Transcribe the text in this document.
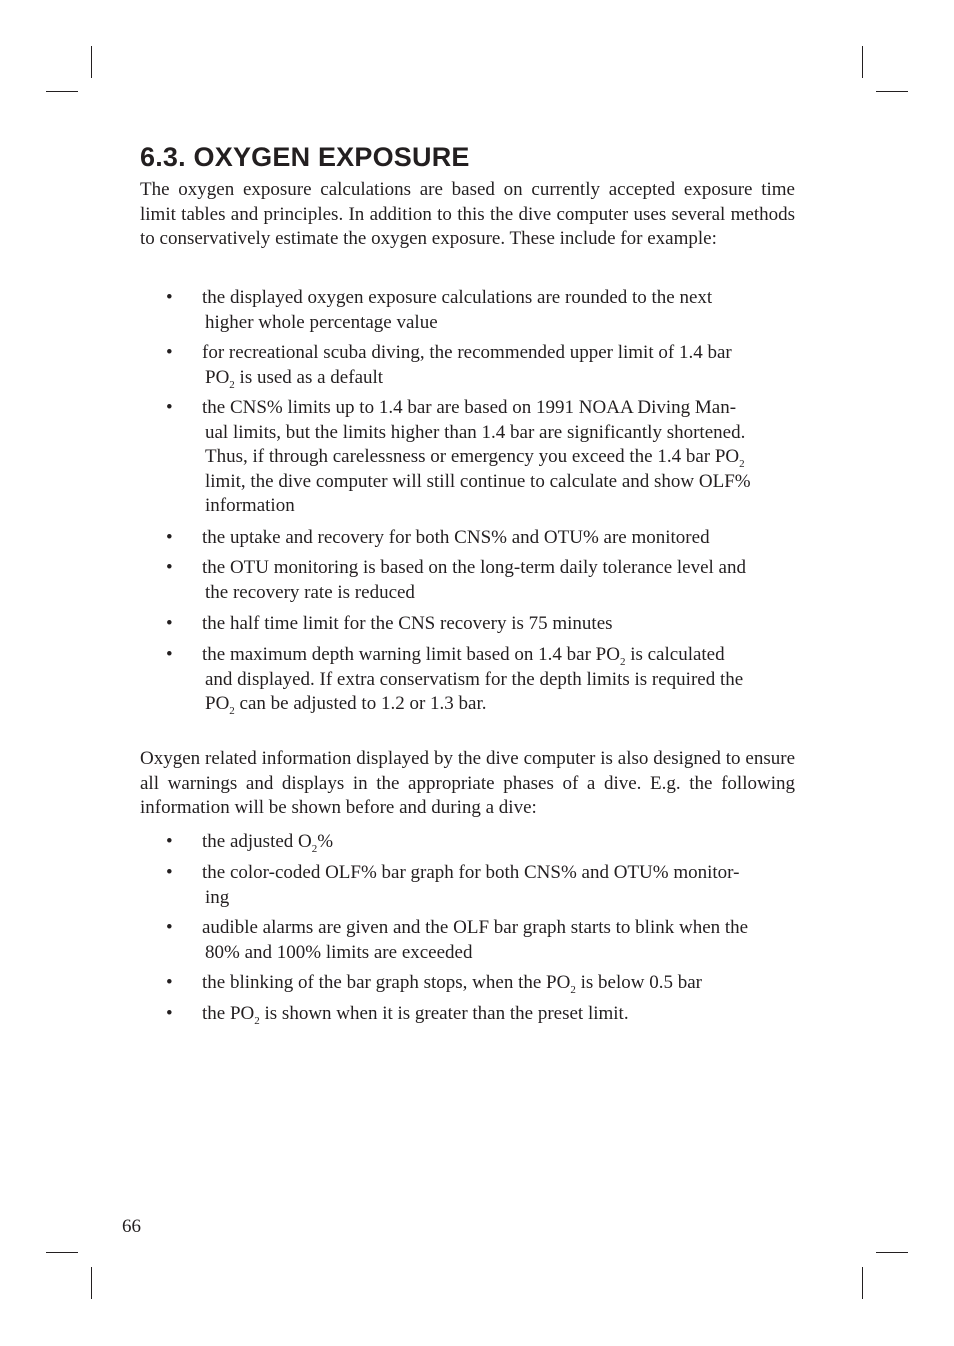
6.3. OXYGEN EXPOSURE

The oxygen exposure calculations are based on currently accepted exposure time limit tables and principles. In addition to this the dive computer uses several methods to conservatively estimate the oxygen exposure. These include for example:

• the displayed oxygen exposure calculations are rounded to the next
higher whole percentage value
• for recreational scuba diving, the recommended upper limit of 1.4 bar
$PO_2$ is used as a default
• the CNS% limits up to 1.4 bar are based on 1991 NOAA Diving Man-
ual limits, but the limits higher than 1.4 bar are significantly shortened.
Thus, if through carelessness or emergency you exceed the 1.4 bar $PO_2$
limit, the dive computer will still continue to calculate and show OLF%
information
• the uptake and recovery for both CNS% and OTU% are monitored
• the OTU monitoring is based on the long-term daily tolerance level and
the recovery rate is reduced
• the half time limit for the CNS recovery is 75 minutes
• the maximum depth warning limit based on 1.4 bar $PO_2$ is calculated
and displayed. If extra conservatism for the depth limits is required the
$PO_2$ can be adjusted to 1.2 or 1.3 bar.

Oxygen related information displayed by the dive computer is also designed to ensure all warnings and displays in the appropriate phases of a dive. E.g. the following information will be shown before and during a dive:

• the adjusted $O_2\%$
• the color-coded OLF% bar graph for both CNS% and OTU% monitor-
ing
• audible alarms are given and the OLF bar graph starts to blink when the
80% and 100% limits are exceeded
• the blinking of the bar graph stops, when the $PO_2$ is below 0.5 bar
• the $PO_2$ is shown when it is greater than the preset limit.
66
